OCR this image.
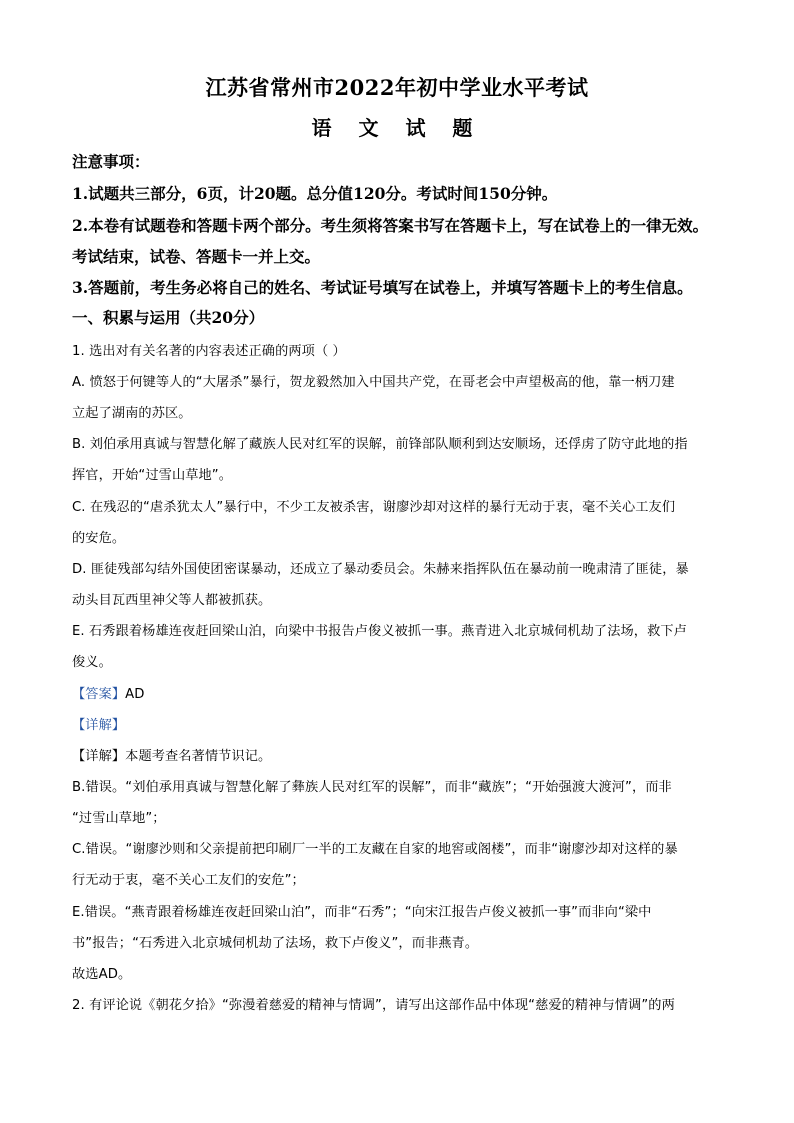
江苏省常州市2022年初中学业水平考试
语 文 试 题
注意事项：
1.试题共三部分，6页，计20题。总分值120分。考试时间150分钟。
2.本卷有试题卷和答题卡两个部分。考生须将答案书写在答题卡上，写在试卷上的一律无效。
考试结束，试卷、答题卡一并上交。
3.答题前，考生务必将自己的姓名、考试证号填写在试卷上，并填写答题卡上的考生信息。
一、积累与运用（共20分）
1. 选出对有关名著的内容表述正确的两项（ ）
A. 愤怒于何键等人的“大屠杀”暴行，贺龙毅然加入中国共产党，在哥老会中声望极高的他，靠一柄刀建
立起了湖南的苏区。
B. 刘伯承用真诚与智慧化解了藏族人民对红军的误解，前锋部队顺利到达安顺场，还俘虏了防守此地的指
挥官，开始“过雪山草地”。
C. 在残忍的“虐杀犹太人”暴行中，不少工友被杀害，谢廖沙却对这样的暴行无动于衷，毫不关心工友们
的安危。
D. 匪徒残部勾结外国使团密谋暴动，还成立了暴动委员会。朱赫来指挥队伍在暴动前一晚肃清了匪徒，暴
动头目瓦西里神父等人都被抓获。
E. 石秀跟着杨雄连夜赶回梁山泊，向梁中书报告卢俊义被抓一事。燕青进入北京城伺机劫了法场，救下卢
俊义。
【答案】AD
【详解】
【详解】本题考查名著情节识记。
B.错误。“刘伯承用真诚与智慧化解了彝族人民对红军的误解”，而非“藏族”；“开始强渡大渡河”，而非
“过雪山草地”；
C.错误。“谢廖沙则和父亲提前把印刷厂一半的工友藏在自家的地窖或阁楼”，而非“谢廖沙却对这样的暴
行无动于衷，毫不关心工友们的安危”；
E.错误。“燕青跟着杨雄连夜赶回梁山泊”，而非“石秀”；“向宋江报告卢俊义被抓一事”而非向“梁中
书”报告；“石秀进入北京城伺机劫了法场，救下卢俊义”，而非燕青。
故选AD。
2. 有评论说《朝花夕拾》“弥漫着慈爱的精神与情调”，请写出这部作品中体现“慈爱的精神与情调”的两
